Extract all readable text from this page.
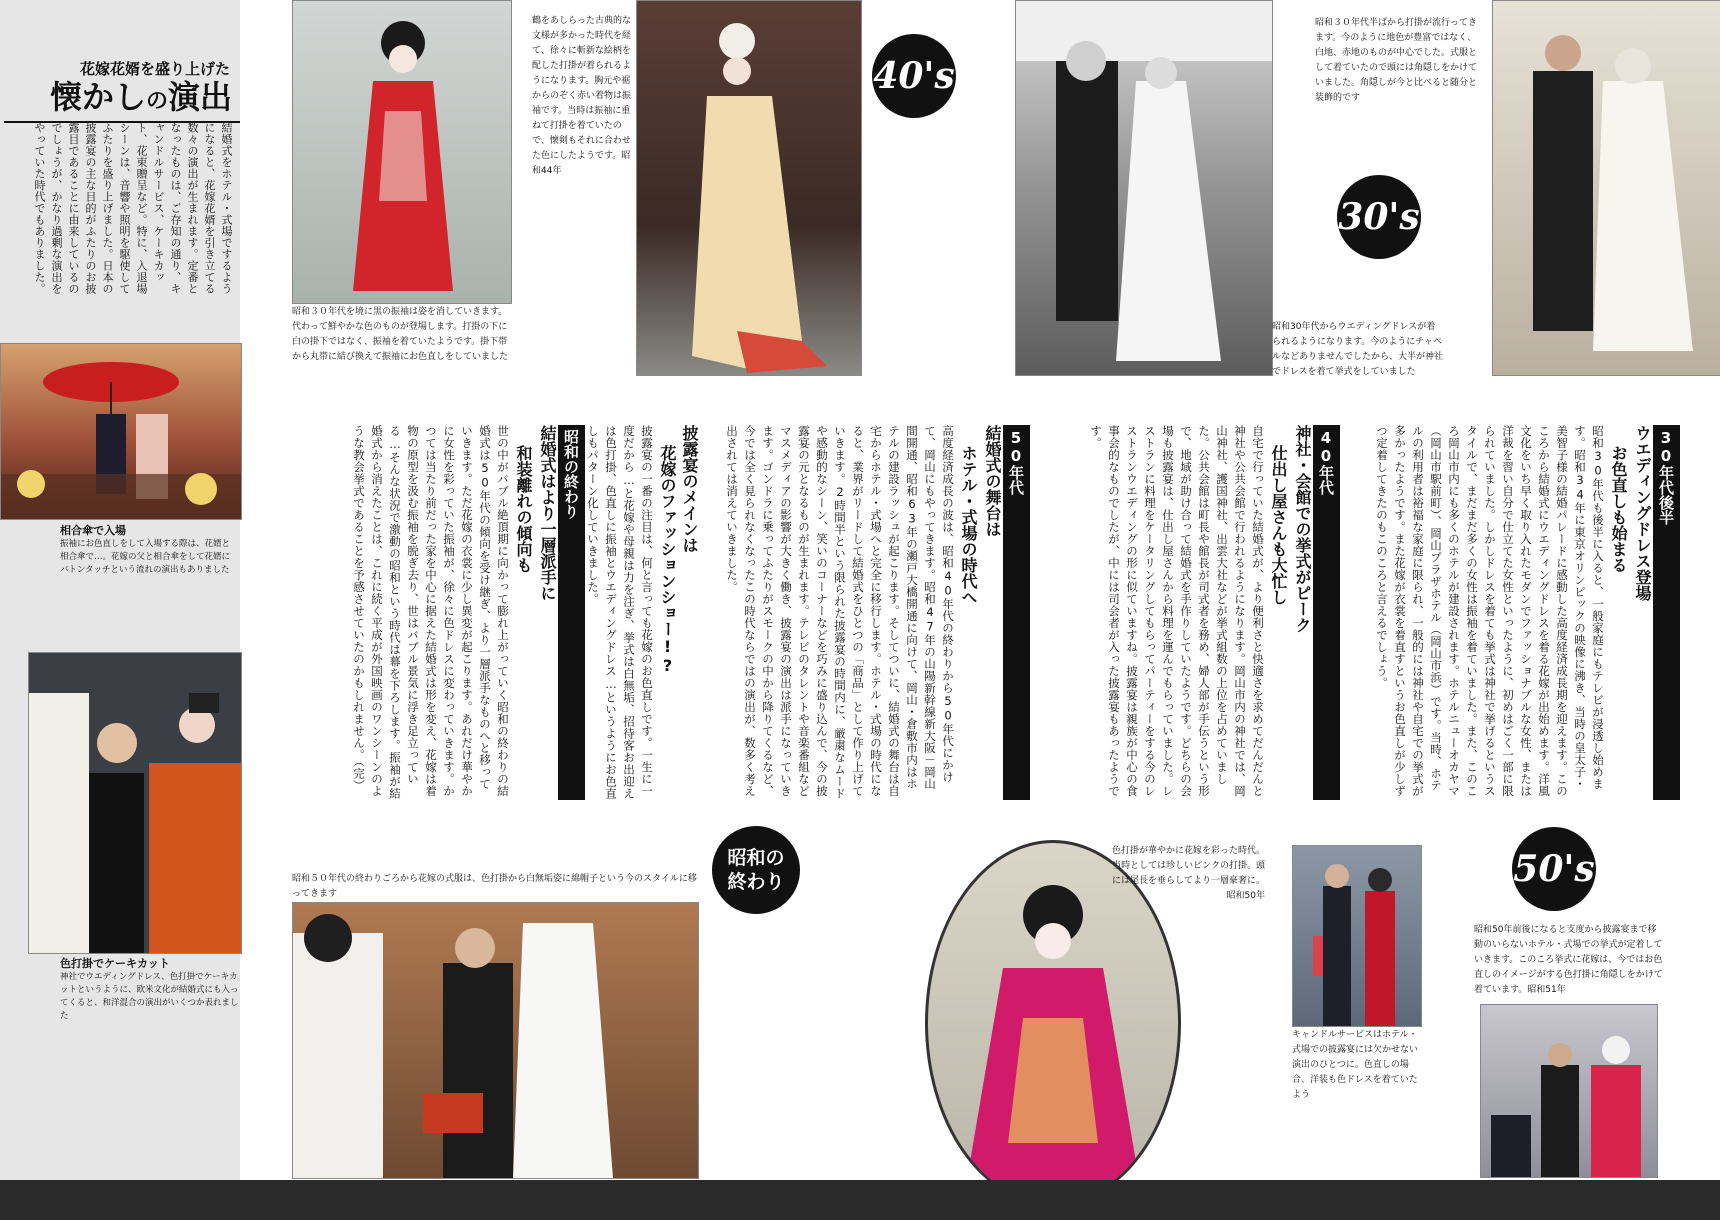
花嫁花婿を盛り上げた
懐かしの演出
結婚式をホテル・式場でするようになると、花嫁花婿を引き立てる数々の演出が生まれます。定番となったものは、ご存知の通り、キャンドルサービス、ケーキカット、花束贈呈など。特に、入退場シーンは、音響や照明を駆使してふたりを盛り上げました。日本の披露宴の主な目的がふたりのお披露目であることに由来しているのでしょうが、かなり過剰な演出をやっていた時代でもありました。
相合傘で入場
振袖にお色直しをして入場する際は、花婿と相合傘で…。花嫁の父と相合傘をして花婿にバトンタッチという流れの演出もありました
色打掛でケーキカット
神社でウエディングドレス、色打掛でケーキカットというように、欧米文化が結婚式にも入ってくると、和洋混合の演出がいくつか表れました
昭和３０年代を境に黒の振袖は姿を消していきます。代わって鮮やかな色のものが登場します。打掛の下に白の掛下ではなく、振袖を着ていたようです。掛下帯から丸帯に結び換えて振袖にお色直しをしていました
鶴をあしらった古典的な文様が多かった時代を経て、徐々に斬新な絵柄を配した打掛が着られるようになります。胸元や裾からのぞく赤い着物は振袖です。当時は振袖に重ねて打掛を着ていたので、懐剣もそれに合わせた色にしたようです。昭和44年
40's
30's
昭和30年代からウエディングドレスが着られるようになります。今のようにチャペルなどありませんでしたから、大半が神社でドレスを着て挙式をしていました
昭和３０年代半ばから打掛が流行ってきます。今のように地色が豊富ではなく、白地、赤地のものが中心でした。式服として着ていたので頭には角隠しをかけていました。角隠しが今と比べると随分と装飾的です
30年代後半
ウエディングドレス登場
お色直しも始まる
昭和30年代も後半に入ると、一般家庭にもテレビが浸透し始めます。昭和34年に東京オリンピックの映像に沸き、当時の皇太子・美智子様の結婚パレードに感動した高度経済成長期を迎えます。このころから結婚式にウエディングドレスを着る花嫁が出始めます。洋風文化をいち早く取り入れたモダンでファッショナブルな女性、または洋裁を習い自分で仕立てた女性といったように、初めはごく一部に限られていました。しかしドレスを着ても挙式は神社で挙げるというスタイルで、まだまだ多くの女性は振袖を着ていました。また、このころ岡山市内にも多くのホテルが建設されます。ホテルニューオカヤマ（岡山市駅前町）、岡山プラザホテル（岡山市浜）です。当時、ホテルの利用者は裕福な家庭に限られ、一般的には神社や自宅での挙式が多かったようです。また花嫁が衣裳を着直すというお色直しが少しずつ定着してきたのもこのころと言えるでしょう。
40年代
神社・会館での挙式がピーク
仕出し屋さんも大忙し
自宅で行っていた結婚式が、より便利さと快適さを求めてだんだんと神社や公共会館で行われるようになります。岡山市内の神社では、岡山神社、護国神社、出雲大社などが挙式組数の上位を占めていました。公共会館は町長や館長が司式者を務め、婦人部が手伝うという形で、地域が助け合って結婚式を手作りしていたようです。どちらの会場も披露宴は、仕出し屋さんから料理を運んでもらっていました。レストランに料理をケータリングしてもらってパーティーをする今のレストランウエディングの形に似ていますね。披露宴は親族が中心の食事会的なものでしたが、中には司会者が入った披露宴もあったようです。
50年代
結婚式の舞台は
ホテル・式場の時代へ
高度経済成長の波は、昭和40年代の終わりから50年代にかけて、岡山にもやってきます。昭和47年の山陽新幹線新大阪－岡山間開通、昭和63年の瀬戸大橋開通に向けて、岡山・倉敷市内はホテルの建設ラッシュが起こります。そしてついに、結婚式の舞台は自宅からホテル・式場へと完全に移行します。ホテル・式場の時代になると、業界がリードして結婚式をひとつの「商品」として作り上げていきます。2時間半という限られた披露宴の時間内に、厳粛なムードや感動的なシーン、笑いのコーナーなどを巧みに盛り込んで、今の披露宴の元となるものが生まれます。テレビのタレントや音楽番組などマスメディアの影響が大きく働き、披露宴の演出は派手になっていきます。ゴンドラに乗ってふたりがスモークの中から降りてくるなど、今では全く見られなくなったこの時代ならではの演出が、数多く考え出されては消えていきました。
披露宴のメインは
花嫁のファッションショー!?
披露宴の一番の注目は、何と言っても花嫁のお色直しです。一生に一度だから…と花嫁や母親は力を注ぎ、挙式は白無垢、招待客お出迎えは色打掛、色直しに振袖とウエディングドレス…というようにお色直しもパターン化していきました。
昭和の終わり
結婚式はより一層派手に
和装離れの傾向も
世の中がバブル絶頂期に向かって膨れ上がっていく昭和の終わりの結婚式は50年代の傾向を受け継ぎ、より一層派手なものへと移っていきます。ただ花嫁の衣裳に少し異変が起こります。あれだけ華やかに女性を彩っていた振袖が、徐々に色ドレスに変わっていきます。かつては当たり前だった家を中心に据えた結婚式は形を変え、花嫁は着物の原型を汲む振袖を脱ぎ去り、世はバブル景気に浮き足立っている…そんな状況で激動の昭和という時代は幕を下ろします。振袖が結婚式から消えたことは、これに続く平成が外国映画のワンシーンのような教会挙式であることを予感させていたのかもしれません。（完）
昭和の終わり
昭和５０年代の終わりごろから花嫁の式服は、色打掛から白無垢姿に綿帽子という今のスタイルに移ってきます
色打掛が華やかに花嫁を彩った時代。当時としては珍しいピンクの打掛。頭には尾長を垂らしてより一層豪奢に。昭和50年
キャンドルサービスはホテル・式場での披露宴には欠かせない演出のひとつに。色直しの場合、洋装も色ドレスを着ていたよう
50's
昭和50年前後になると支度から披露宴まで移動のいらないホテル・式場での挙式が定着していきます。このころ挙式に花嫁は、今ではお色直しのイメージがする色打掛に角隠しをかけて着ています。昭和51年
